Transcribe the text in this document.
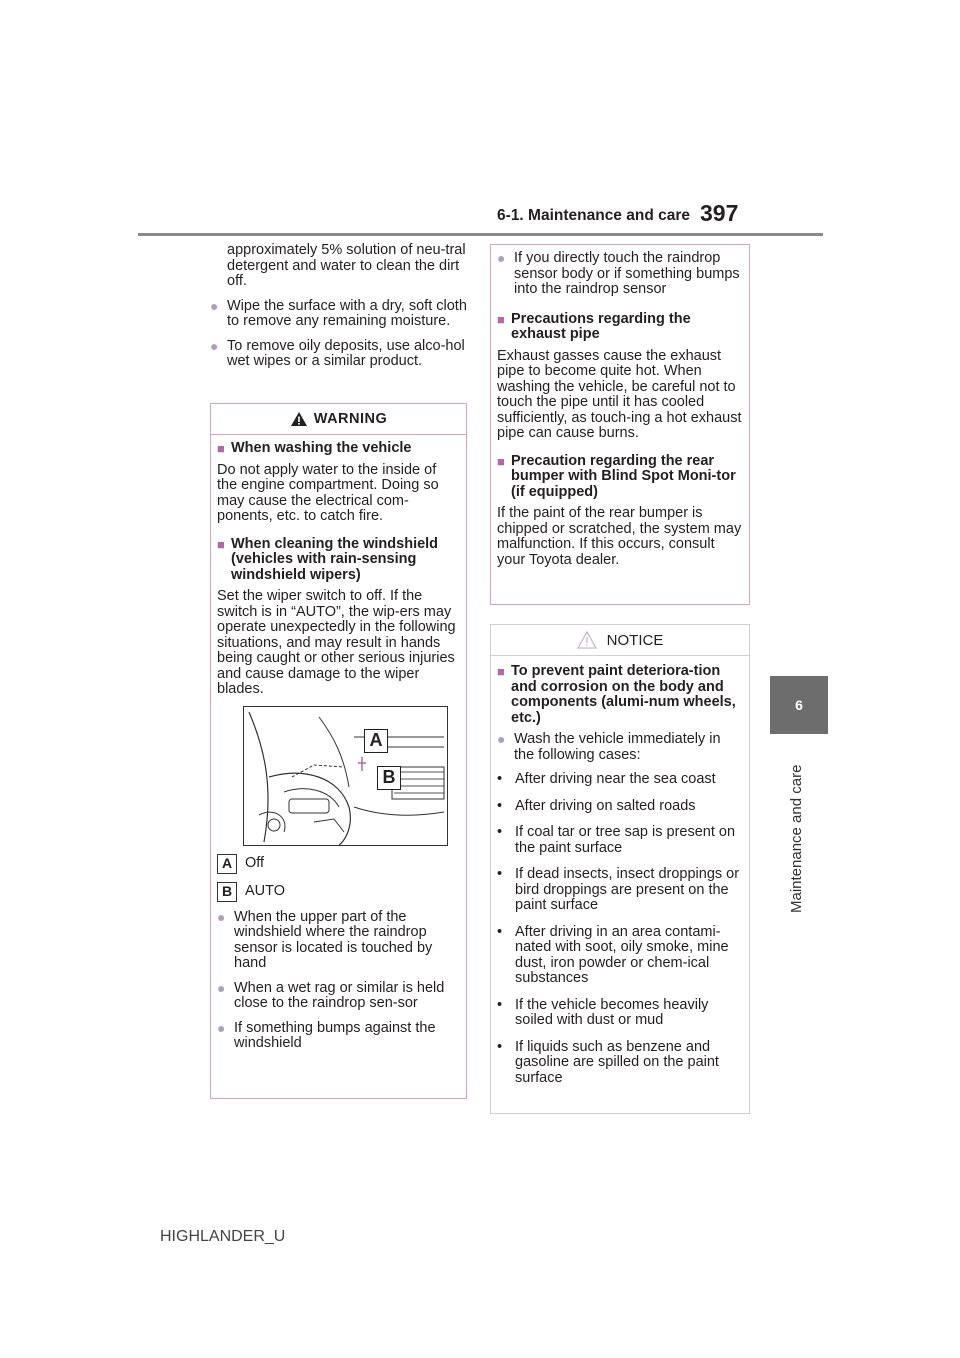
6-1. Maintenance and care 397
6
Maintenance and care
approximately 5% solution of neu-tral detergent and water to clean the dirt off.
● Wipe the surface with a dry, soft cloth to remove any remaining moisture.
● To remove oily deposits, use alco-hol wet wipes or a similar product.
WARNING
■ When washing the vehicle
Do not apply water to the inside of the engine compartment. Doing so may cause the electrical com-ponents, etc. to catch fire.
■ When cleaning the windshield (vehicles with rain-sensing windshield wipers)
Set the wiper switch to off. If the switch is in “AUTO”, the wip-ers may operate unexpectedly in the following situations, and may result in hands being caught or other serious injuries and cause damage to the wiper blades.
A
B
A Off
B AUTO
● When the upper part of the windshield where the raindrop sensor is located is touched by hand
● When a wet rag or similar is held close to the raindrop sen-sor
● If something bumps against the windshield
● If you directly touch the raindrop sensor body or if something bumps into the raindrop sensor
■ Precautions regarding the exhaust pipe
Exhaust gasses cause the exhaust pipe to become quite hot. When washing the vehicle, be careful not to touch the pipe until it has cooled sufficiently, as touch-ing a hot exhaust pipe can cause burns.
■ Precaution regarding the rear bumper with Blind Spot Moni-tor (if equipped)
If the paint of the rear bumper is chipped or scratched, the system may malfunction. If this occurs, consult your Toyota dealer.
NOTICE
■ To prevent paint deteriora-tion and corrosion on the body and components (alumi-num wheels, etc.)
● Wash the vehicle immediately in the following cases:
• After driving near the sea coast
• After driving on salted roads
• If coal tar or tree sap is present on the paint surface
• If dead insects, insect droppings or bird droppings are present on the paint surface
• After driving in an area contami-nated with soot, oily smoke, mine dust, iron powder or chem-ical substances
• If the vehicle becomes heavily soiled with dust or mud
• If liquids such as benzene and gasoline are spilled on the paint surface
HIGHLANDER_U
